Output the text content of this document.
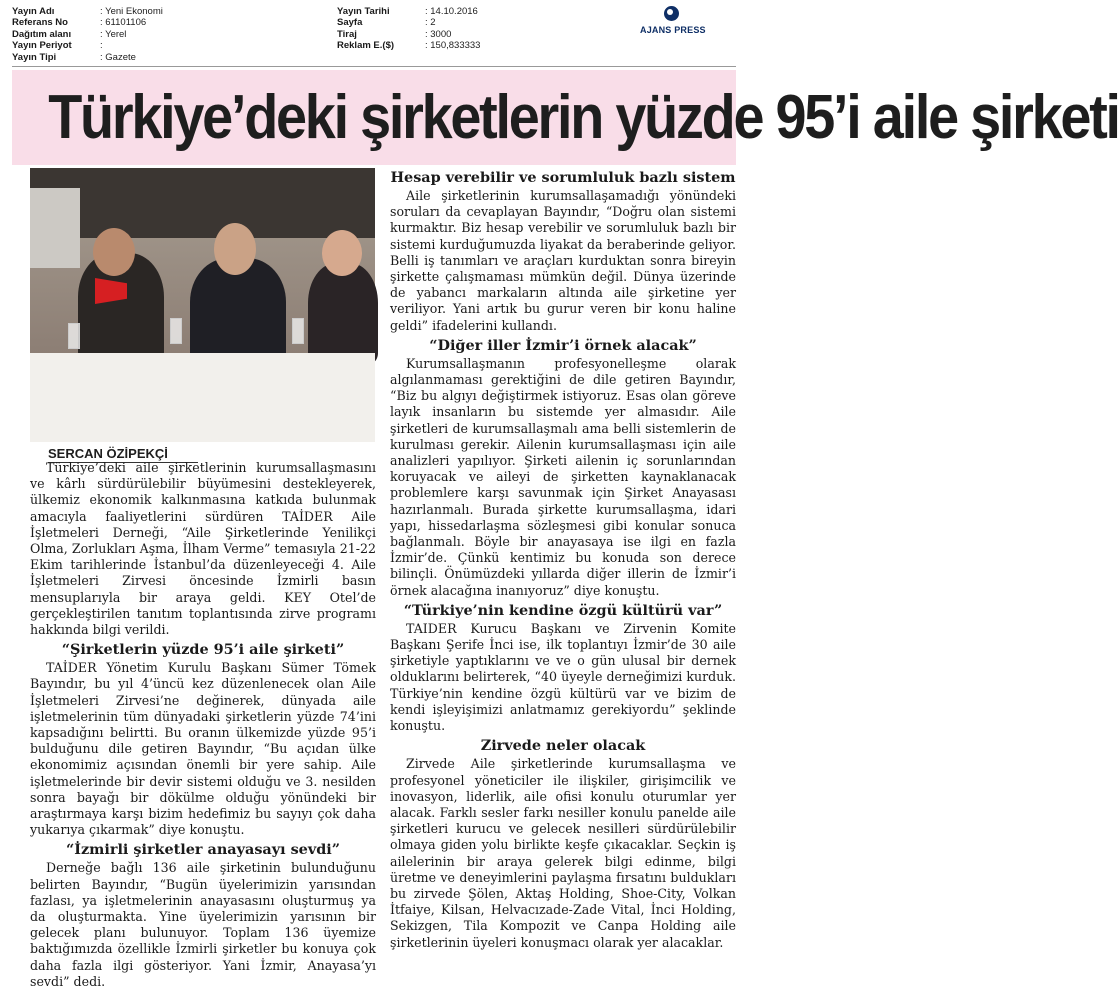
Yayın Adı	: Yeni Ekonomi
Referans No	: 61101106
Dağıtım alanı	: Yerel
Yayın Periyot	:
Yayın Tipi	: Gazete
Yayın Tarihi	: 14.10.2016
Sayfa	: 2
Tiraj	: 3000
Reklam E.($)	: 150,833333
AJANS PRESS
Türkiye’deki şirketlerin yüzde 95’i aile şirketi
SERCAN ÖZİPEKÇİ

Türkiye’deki aile şirketlerinin kurumsallaşmasını ve kârlı sürdürülebilir büyümesini destekleyerek, ülkemiz ekonomik kalkınmasına katkıda bulunmak amacıyla faaliyetlerini sürdüren TAİDER Aile İşletmeleri Derneği, “Aile Şirketlerinde Yenilikçi Olma, Zorlukları Aşma, İlham Verme” temasıyla 21-22 Ekim tarihlerinde İstanbul’da düzenleyeceği 4. Aile İşletmeleri Zirvesi öncesinde İzmirli basın mensuplarıyla bir araya geldi. KEY Otel’de gerçekleştirilen tanıtım toplantısında zirve programı hakkında bilgi verildi.

“Şirketlerin yüzde 95’i aile şirketi”

TAİDER Yönetim Kurulu Başkanı Sümer Tömek Bayındır, bu yıl 4’üncü kez düzenlenecek olan Aile İşletmeleri Zirvesi’ne değinerek, dünyada aile işletmelerinin tüm dünyadaki şirketlerin yüzde 74’ini kapsadığını belirtti. Bu oranın ülkemizde yüzde 95’i bulduğunu dile getiren Bayındır, “Bu açıdan ülke ekonomimiz açısından önemli bir yere sahip. Aile işletmelerinde bir devir sistemi olduğu ve 3. nesilden sonra bayağı bir dökülme olduğu yönündeki bir araştırmaya karşı bizim hedefimiz bu sayıyı çok daha yukarıya çıkarmak” diye konuştu.

“İzmirli şirketler anayasayı sevdi”

Derneğe bağlı 136 aile şirketinin bulunduğunu belirten Bayındır, “Bugün üyelerimizin yarısından fazlası, ya işletmelerinin anayasasını oluşturmuş ya da oluşturmakta. Yine üyelerimizin yarısının bir gelecek planı bulunuyor. Toplam 136 üyemize baktığımızda özellikle İzmirli şirketler bu konuya çok daha fazla ilgi gösteriyor. Yani İzmir, Anayasa’yı sevdi” dedi.

Hesap verebilir ve sorumluluk bazlı sistem

Aile şirketlerinin kurumsallaşamadığı yönündeki soruları da cevaplayan Bayındır, “Doğru olan sistemi kurmaktır. Biz hesap verebilir ve sorumluluk bazlı bir sistemi kurduğumuzda liyakat da beraberinde geliyor. Belli iş tanımları ve araçları kurduktan sonra bireyin şirkette çalışmaması mümkün değil. Dünya üzerinde de yabancı markaların altında aile şirketine yer veriliyor. Yani artık bu gurur veren bir konu haline geldi” ifadelerini kullandı.

“Diğer iller İzmir’i örnek alacak”

Kurumsallaşmanın profesyonelleşme olarak algılanmaması gerektiğini de dile getiren Bayındır, “Biz bu algıyı değiştirmek istiyoruz. Esas olan göreve layık insanların bu sistemde yer almasıdır. Aile şirketleri de kurumsallaşmalı ama belli sistemlerin de kurulması gerekir. Ailenin kurumsallaşması için aile analizleri yapılıyor. Şirketi ailenin iç sorunlarından koruyacak ve aileyi de şirketten kaynaklanacak problemlere karşı savunmak için Şirket Anayasası hazırlanmalı. Burada şirkette kurumsallaşma, idari yapı, hissedarlaşma sözleşmesi gibi konular sonuca bağlanmalı. Böyle bir anayasaya ise ilgi en fazla İzmir’de. Çünkü kentimiz bu konuda son derece bilinçli. Önümüzdeki yıllarda diğer illerin de İzmir’i örnek alacağına inanıyoruz” diye konuştu.

“Türkiye’nin kendine özgü kültürü var”

TAIDER Kurucu Başkanı ve Zirvenin Komite Başkanı Şerife İnci ise, ilk toplantıyı İzmir’de 30 aile şirketiyle yaptıklarını ve ve o gün ulusal bir dernek olduklarını belirterek, “40 üyeyle derneğimizi kurduk. Türkiye’nin kendine özgü kültürü var ve bizim de kendi işleyişimizi anlatmamız gerekiyordu” şeklinde konuştu.

Zirvede neler olacak

Zirvede Aile şirketlerinde kurumsallaşma ve profesyonel yöneticiler ile ilişkiler, girişimcilik ve inovasyon, liderlik, aile ofisi konulu oturumlar yer alacak. Farklı sesler farkı nesiller konulu panelde aile şirketleri kurucu ve gelecek nesilleri sürdürülebilir olmaya giden yolu birlikte keşfe çıkacaklar. Seçkin iş ailelerinin bir araya gelerek bilgi edinme, bilgi üretme ve deneyimlerini paylaşma fırsatını buldukları bu zirvede Şölen, Aktaş Holding, Shoe-City, Volkan İtfaiye, Kilsan, Helvacızade-Zade Vital, İnci Holding, Sekizgen, Tila Kompozit ve Canpa Holding aile şirketlerinin üyeleri konuşmacı olarak yer alacaklar.
